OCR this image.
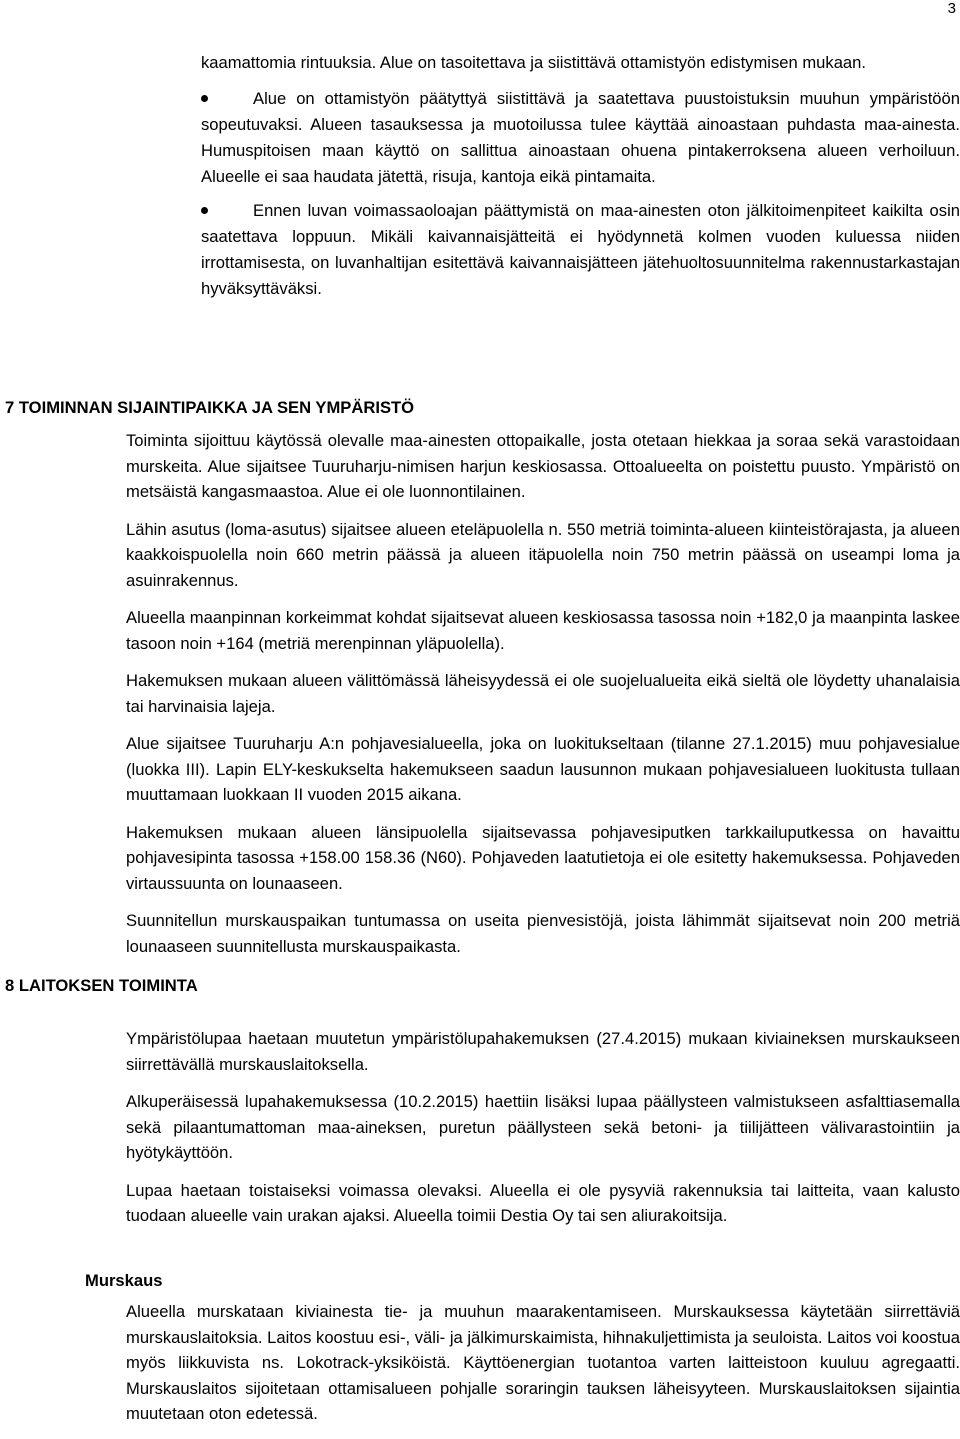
3

kaamattomia rintuuksia. Alue on tasoitettava ja siistittävä ottamistyön edistymisen mukaan.

Alue on ottamistyön päätyttyä siistittävä ja saatettava puustoistuksin muuhun ympäristöön sopeutuvaksi. Alueen tasauksessa ja muotoilussa tulee käyttää ainoastaan puhdasta maa-ainesta. Humuspitoisen maan käyttö on sallittua ainoastaan ohuena pintakerroksena alueen verhoiluun. Alueelle ei saa haudata jätettä, risuja, kantoja eikä pintamaita.

Ennen luvan voimassaoloajan päättymistä on maa-ainesten oton jälkitoimenpiteet kaikilta osin saatettava loppuun. Mikäli kaivannaisjätteitä ei hyödynnetä kolmen vuoden kuluessa niiden irrottamisesta, on luvanhaltijan esitettävä kaivannaisjätteen jätehuoltosuunnitelma rakennustarkastajan hyväksyttäväksi.

7 TOIMINNAN SIJAINTIPAIKKA JA SEN YMPÄRISTÖ

Toiminta sijoittuu käytössä olevalle maa-ainesten ottopaikalle, josta otetaan hiekkaa ja soraa sekä varastoidaan murskeita. Alue sijaitsee Tuuruharju-nimisen harjun keskiosassa. Ottoalueelta on poistettu puusto. Ympäristö on metsäistä kangasmaastoa. Alue ei ole luonnontilainen.

Lähin asutus (loma-asutus) sijaitsee alueen eteläpuolella n. 550 metriä toiminta-alueen kiinteistörajasta, ja alueen kaakkoispuolella noin 660 metrin päässä ja alueen itäpuolella noin 750 metrin päässä on useampi loma ja asuinrakennus.

Alueella maanpinnan korkeimmat kohdat sijaitsevat alueen keskiosassa tasossa noin +182,0 ja maanpinta laskee tasoon noin +164 (metriä merenpinnan yläpuolella).

Hakemuksen mukaan alueen välittömässä läheisyydessä ei ole suojelualueita eikä sieltä ole löydetty uhanalaisia tai harvinaisia lajeja.

Alue sijaitsee Tuuruharju A:n pohjavesialueella, joka on luokitukseltaan (tilanne 27.1.2015) muu pohjavesialue (luokka III). Lapin ELY-keskukselta hakemukseen saadun lausunnon mukaan pohjavesialueen luokitusta tullaan muuttamaan luokkaan II vuoden 2015 aikana.

Hakemuksen mukaan alueen länsipuolella sijaitsevassa pohjavesiputken tarkkailuputkessa on havaittu pohjavesipinta tasossa +158.00 158.36 (N60). Pohjaveden laatutietoja ei ole esitetty hakemuksessa. Pohjaveden virtaussuunta on lounaaseen.

Suunnitellun murskauspaikan tuntumassa on useita pienvesistöjä, joista lähimmät sijaitsevat noin 200 metriä lounaaseen suunnitellusta murskauspaikasta.

8 LAITOKSEN TOIMINTA

Ympäristölupaa haetaan muutetun ympäristölupahakemuksen (27.4.2015) mukaan kiviaineksen murskaukseen siirrettävällä murskauslaitoksella.

Alkuperäisessä lupahakemuksessa (10.2.2015) haettiin lisäksi lupaa päällysteen valmistukseen asfalttiasemalla sekä pilaantumattoman maa-aineksen, puretun päällysteen sekä betoni- ja tiilijätteen välivarastointiin ja hyötykäyttöön.

Lupaa haetaan toistaiseksi voimassa olevaksi. Alueella ei ole pysyviä rakennuksia tai laitteita, vaan kalusto tuodaan alueelle vain urakan ajaksi. Alueella toimii Destia Oy tai sen aliurakoitsija.

Murskaus

Alueella murskataan kiviainesta tie- ja muuhun maarakentamiseen. Murskauksessa käytetään siirrettäviä murskauslaitoksia. Laitos koostuu esi-, väli- ja jälkimurskaimista, hihnakuljettimista ja seuloista. Laitos voi koostua myös liikkuvista ns. Lokotrack-yksiköistä. Käyttöenergian tuotantoa varten laitteistoon kuuluu agregaatti. Murskauslaitos sijoitetaan ottamisalueen pohjalle soraringin tauksen läheisyyteen. Murskauslaitoksen sijaintia muutetaan oton edetessä.
